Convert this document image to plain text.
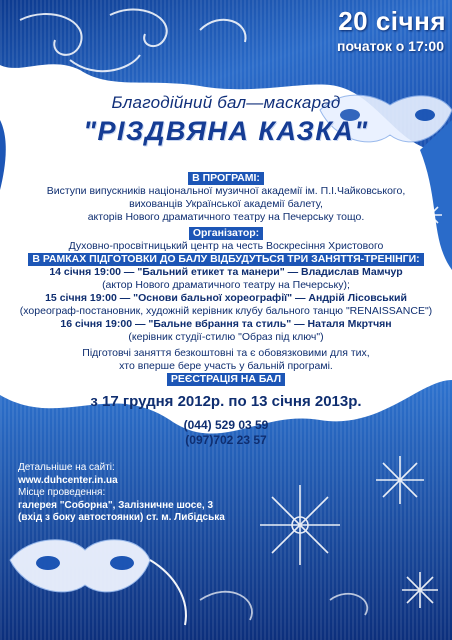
20 січня
початок о 17:00
Благодійний бал—маскарад
"РІЗДВЯНА КАЗКА"
В ПРОГРАМІ:
Виступи випускників національної музичної академії ім. П.І.Чайковського,
вихованців Української академії балету,
акторів Нового драматичного театру на Печерську тощо.
Організатор:
Духовно-просвітницький центр на честь Воскресіння Христового
В РАМКАХ ПІДГОТОВКИ ДО БАЛУ ВІДБУДУТЬСЯ ТРИ ЗАНЯТТЯ-ТРЕНІНГИ:
14 січня 19:00 — "Бальний етикет та манери" — Владислав Мамчур
(актор Нового драматичного театру на Печерську);
15 січня 19:00 — "Основи бальної хореографії" — Андрій Лісовський
(хореограф-постановник, художній керівник клубу бального танцю "RENAISSANCE")
16 січня 19:00 — "Бальне вбрання та стиль" — Наталя Мкртчян
(керівник студії-стилю "Образ під ключ")
Підготовчі заняття безкоштовні та є обовязковими для тих,
хто вперше бере участь у бальній програмі.
РЕЄСТРАЦІЯ НА БАЛ
з 17 грудня 2012р. по 13 січня 2013р.
(044) 529 03 59
(097)702 23 57
Детальніше на сайті:
www.duhcenter.in.ua
Місце проведення:
галерея "Соборна", Залізничне шосе, 3
(вхід з боку автостоянки) ст. м. Либідська
